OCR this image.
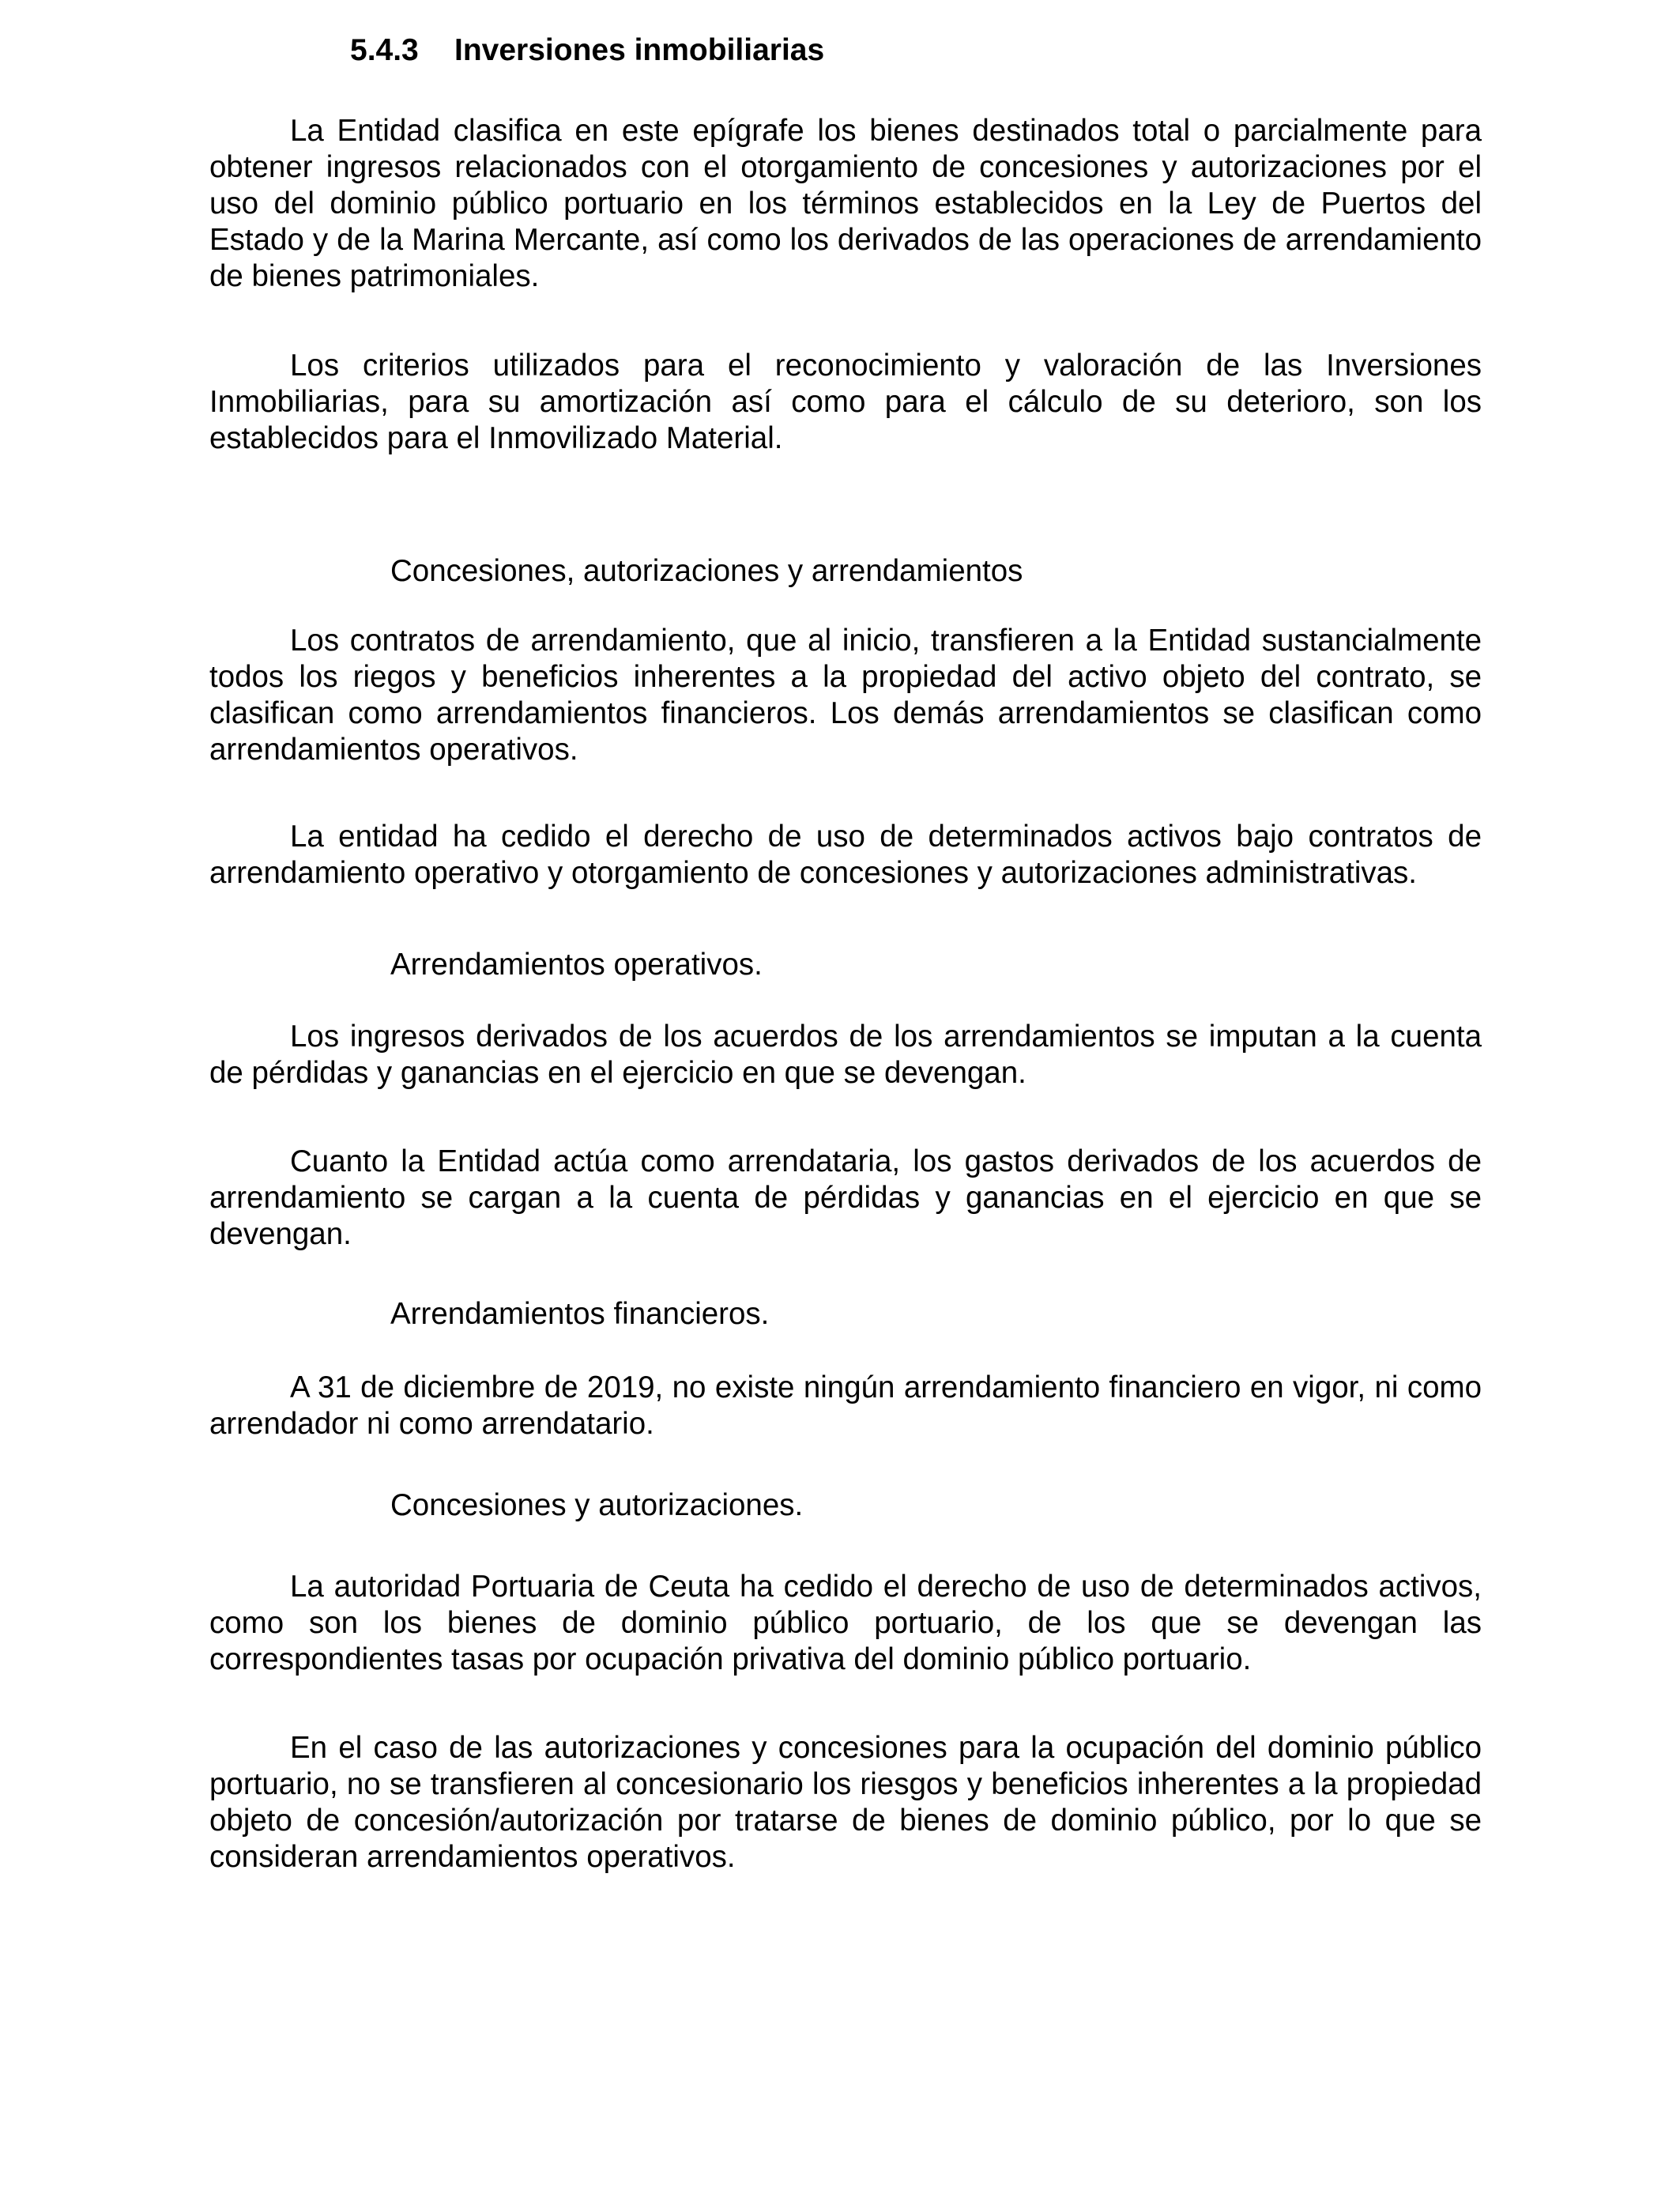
5.4.3 Inversiones inmobiliarias

La Entidad clasifica en este epígrafe los bienes destinados total o parcialmente para obtener ingresos relacionados con el otorgamiento de concesiones y autorizaciones por el uso del dominio público portuario en los términos establecidos en la Ley de Puertos del Estado y de la Marina Mercante, así como los derivados de las operaciones de arrendamiento de bienes patrimoniales.

Los criterios utilizados para el reconocimiento y valoración de las Inversiones Inmobiliarias, para su amortización así como para el cálculo de su deterioro, son los establecidos para el Inmovilizado Material.

Concesiones, autorizaciones y arrendamientos

Los contratos de arrendamiento, que al inicio, transfieren a la Entidad sustancialmente todos los riegos y beneficios inherentes a la propiedad del activo objeto del contrato, se clasifican como arrendamientos financieros. Los demás arrendamientos se clasifican como arrendamientos operativos.

La entidad ha cedido el derecho de uso de determinados activos bajo contratos de arrendamiento operativo y otorgamiento de concesiones y autorizaciones administrativas.

Arrendamientos operativos.

Los ingresos derivados de los acuerdos de los arrendamientos se imputan a la cuenta de pérdidas y ganancias en el ejercicio en que se devengan.

Cuanto la Entidad actúa como arrendataria, los gastos derivados de los acuerdos de arrendamiento se cargan a la cuenta de pérdidas y ganancias en el ejercicio en que se devengan.

Arrendamientos financieros.

A 31 de diciembre de 2019, no existe ningún arrendamiento financiero en vigor, ni como arrendador ni como arrendatario.

Concesiones y autorizaciones.

La autoridad Portuaria de Ceuta ha cedido el derecho de uso de determinados activos, como son los bienes de dominio público portuario, de los que se devengan las correspondientes tasas por ocupación privativa del dominio público portuario.

En el caso de las autorizaciones y concesiones para la ocupación del dominio público portuario, no se transfieren al concesionario los riesgos y beneficios inherentes a la propiedad objeto de concesión/autorización por tratarse de bienes de dominio público, por lo que se consideran arrendamientos operativos.
